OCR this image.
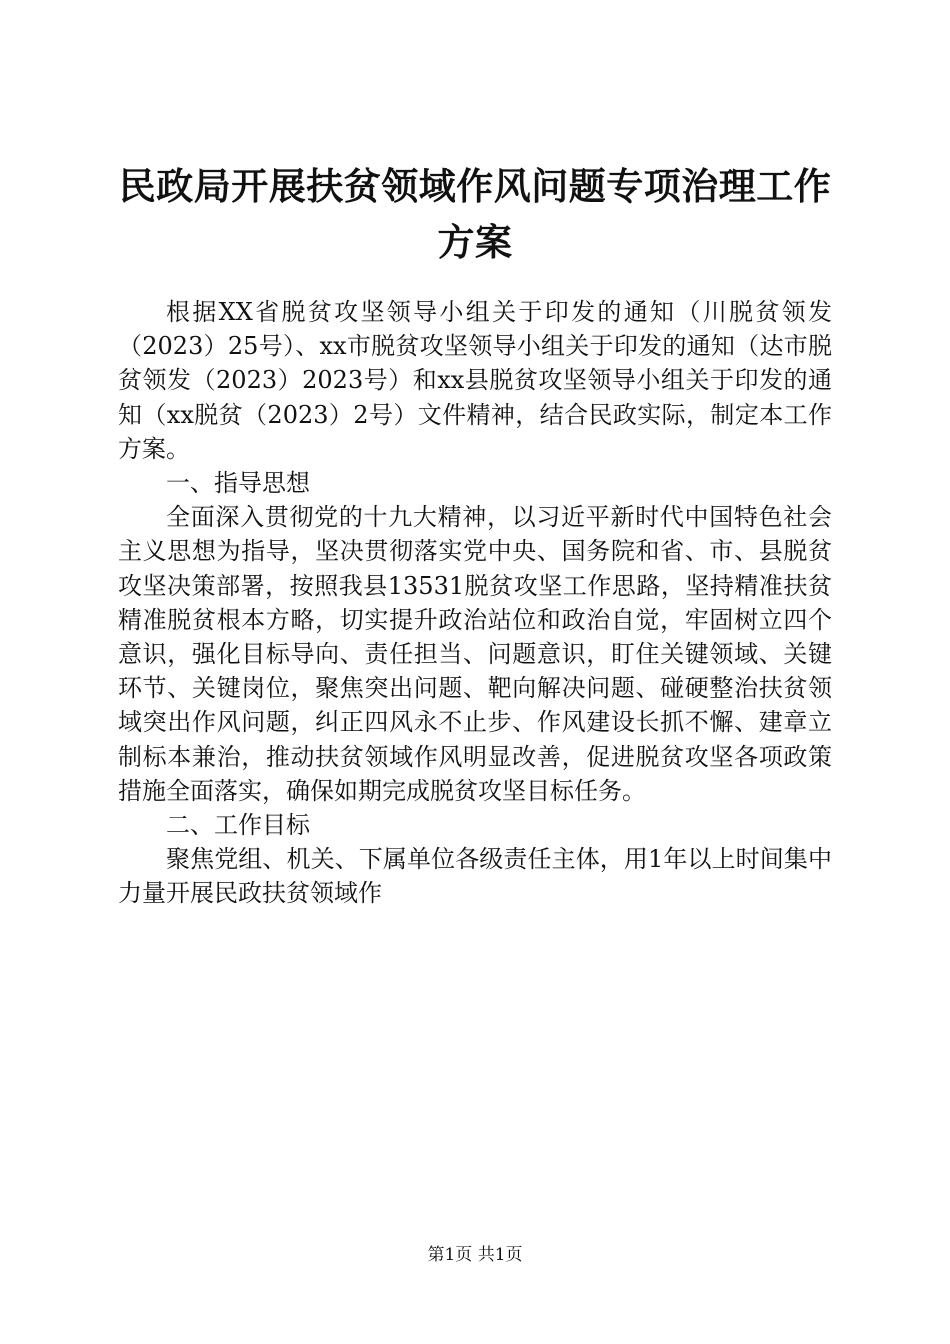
民政局开展扶贫领域作风问题专项治理工作方案

根据XX省脱贫攻坚领导小组关于印发的通知（川脱贫领发（2023）25号）、xx市脱贫攻坚领导小组关于印发的通知（达市脱贫领发（2023）2023号）和xx县脱贫攻坚领导小组关于印发的通知（xx脱贫（2023）2号）文件精神，结合民政实际，制定本工作方案。

一、指导思想

全面深入贯彻党的十九大精神，以习近平新时代中国特色社会主义思想为指导，坚决贯彻落实党中央、国务院和省、市、县脱贫攻坚决策部署，按照我县13531脱贫攻坚工作思路，坚持精准扶贫精准脱贫根本方略，切实提升政治站位和政治自觉，牢固树立四个意识，强化目标导向、责任担当、问题意识，盯住关键领域、关键环节、关键岗位，聚焦突出问题、靶向解决问题、碰硬整治扶贫领域突出作风问题，纠正四风永不止步、作风建设长抓不懈、建章立制标本兼治，推动扶贫领域作风明显改善，促进脱贫攻坚各项政策措施全面落实，确保如期完成脱贫攻坚目标任务。

二、工作目标

聚焦党组、机关、下属单位各级责任主体，用1年以上时间集中力量开展民政扶贫领域作

第1页 共1页
